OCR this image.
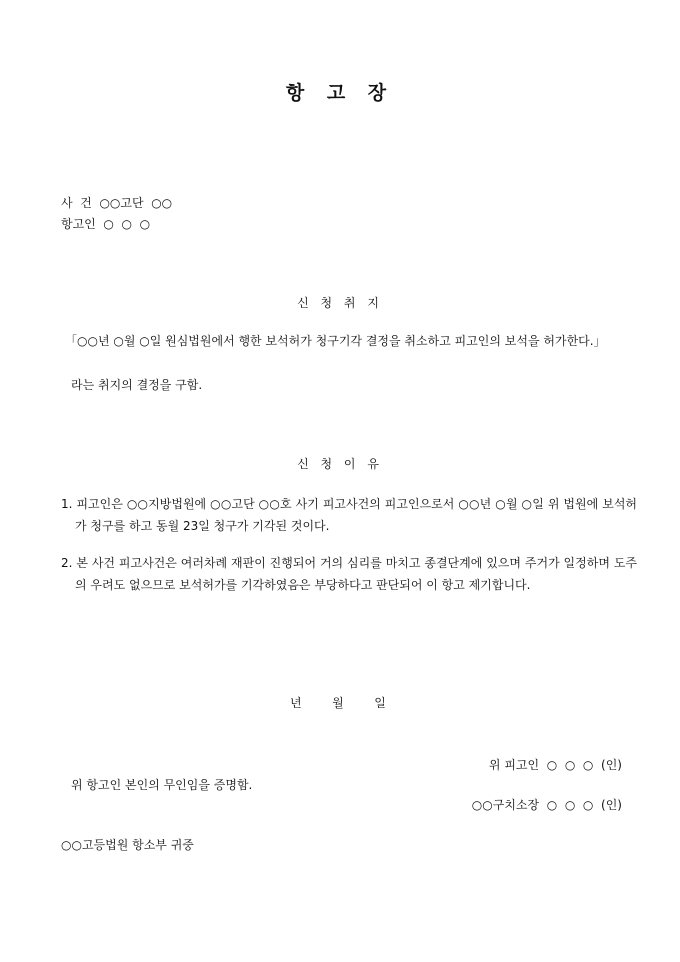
항 고 장
사  건  ○○고단  ○○
항고인  ○  ○  ○
신 청 취 지
「○○년 ○월 ○일 원심법원에서 행한 보석허가 청구기각 결정을 취소하고 피고인의 보석을 허가한다.」
라는 취지의 결정을 구함.
신 청 이 유
1. 피고인은 ○○지방법원에 ○○고단 ○○호 사기 피고사건의 피고인으로서 ○○년 ○월 ○일 위 법원에 보석허가 청구를 하고 동월 23일 청구가 기각된 것이다.
2. 본 사건 피고사건은 여러차례 재판이 진행되어 거의 심리를 마치고 종결단계에 있으며 주거가 일정하며 도주의 우려도 없으므로 보석허가를 기각하였음은 부당하다고 판단되어 이 항고 제기합니다.
년        월        일
위 피고인  ○  ○  ○  (인)
위 항고인 본인의 무인임을 증명함.
○○구치소장  ○  ○  ○  (인)
○○고등법원 항소부 귀중
